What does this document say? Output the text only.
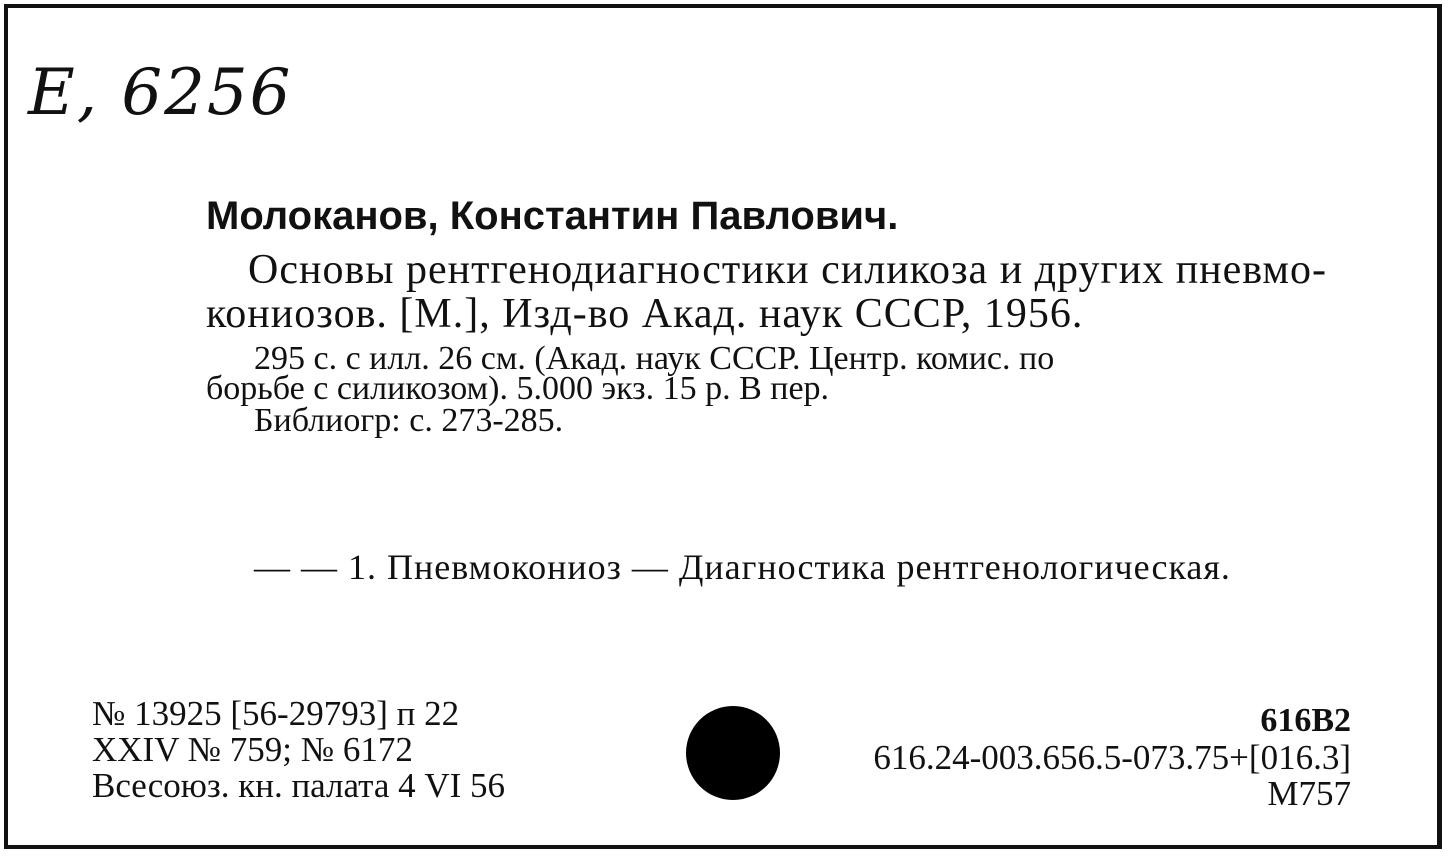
Е, 6256
Молоканов, Константин Павлович.
Основы рентгенодиагностики силикоза и других пневмо-
кониозов. [М.], Изд-во Акад. наук СССР, 1956.
295 с. с илл. 26 см. (Акад. наук СССР. Центр. комис. по
борьбе с силикозом). 5.000 экз. 15 р. В пер.
Библиогр: с. 273-285.
— — 1. Пневмокониоз — Диагностика рентгенологическая.
№ 13925 [56-29793] п 22
XXIV № 759; № 6172
Всесоюз. кн. палата 4 VI 56
616В2
616.24-003.656.5-073.75+[016.3]
М757
